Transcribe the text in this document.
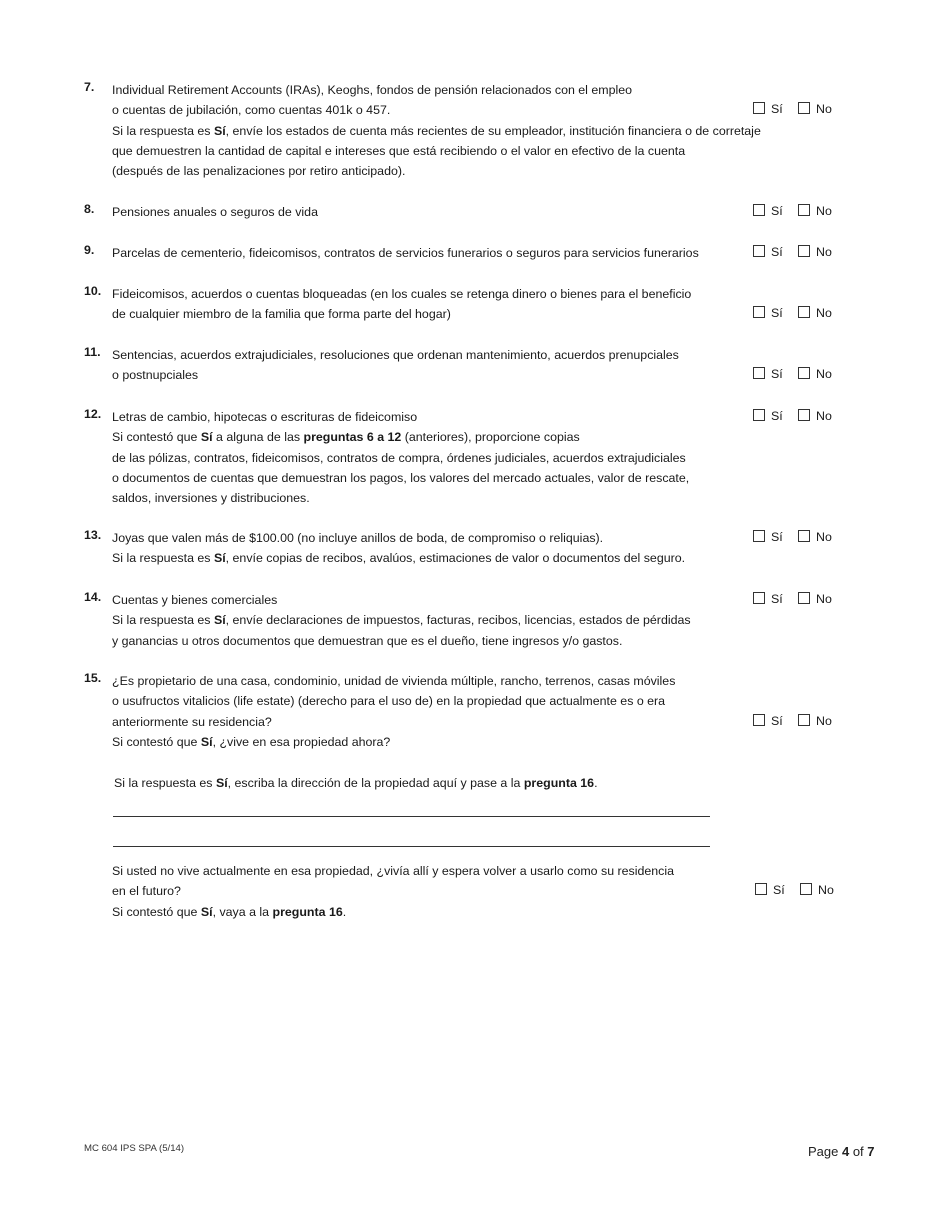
7. Individual Retirement Accounts (IRAs), Keoghs, fondos de pensión relacionados con el empleo
o cuentas de jubilación, como cuentas 401k o 457.
Si la respuesta es Sí, envíe los estados de cuenta más recientes de su empleador, institución financiera o de corretaje
que demuestren la cantidad de capital e intereses que está recibiendo o el valor en efectivo de la cuenta
(después de las penalizaciones por retiro anticipado).
Sí	No
8. Pensiones anuales o seguros de vida	Sí	No
9. Parcelas de cementerio, fideicomisos, contratos de servicios funerarios o seguros para servicios funerarios	Sí	No
10. Fideicomisos, acuerdos o cuentas bloqueadas (en los cuales se retenga dinero o bienes para el beneficio
de cualquier miembro de la familia que forma parte del hogar)	Sí	No
11. Sentencias, acuerdos extrajudiciales, resoluciones que ordenan mantenimiento, acuerdos prenupciales
o postnupciales	Sí	No
12. Letras de cambio, hipotecas o escrituras de fideicomiso
Si contestó que Sí a alguna de las preguntas 6 a 12 (anteriores), proporcione copias
de las pólizas, contratos, fideicomisos, contratos de compra, órdenes judiciales, acuerdos extrajudiciales
o documentos de cuentas que demuestran los pagos, los valores del mercado actuales, valor de rescate,
saldos, inversiones y distribuciones.
Sí	No
13. Joyas que valen más de $100.00 (no incluye anillos de boda, de compromiso o reliquias).
Si la respuesta es Sí, envíe copias de recibos, avalúos, estimaciones de valor o documentos del seguro.
Sí	No
14. Cuentas y bienes comerciales
Si la respuesta es Sí, envíe declaraciones de impuestos, facturas, recibos, licencias, estados de pérdidas
y ganancias u otros documentos que demuestran que es el dueño, tiene ingresos y/o gastos.
Sí	No
15. ¿Es propietario de una casa, condominio, unidad de vivienda múltiple, rancho, terrenos, casas móviles
o usufructos vitalicios (life estate) (derecho para el uso de) en la propiedad que actualmente es o era
anteriormente su residencia?
Si contestó que Sí, ¿vive en esa propiedad ahora?
Sí	No
Si la respuesta es Sí, escriba la dirección de la propiedad aquí y pase a la pregunta 16.
Si usted no vive actualmente en esa propiedad, ¿vivía allí y espera volver a usarlo como su residencia
en el futuro?
Si contestó que Sí, vaya a la pregunta 16.
Sí	No
MC 604 IPS SPA (5/14)	Page 4 of 7
